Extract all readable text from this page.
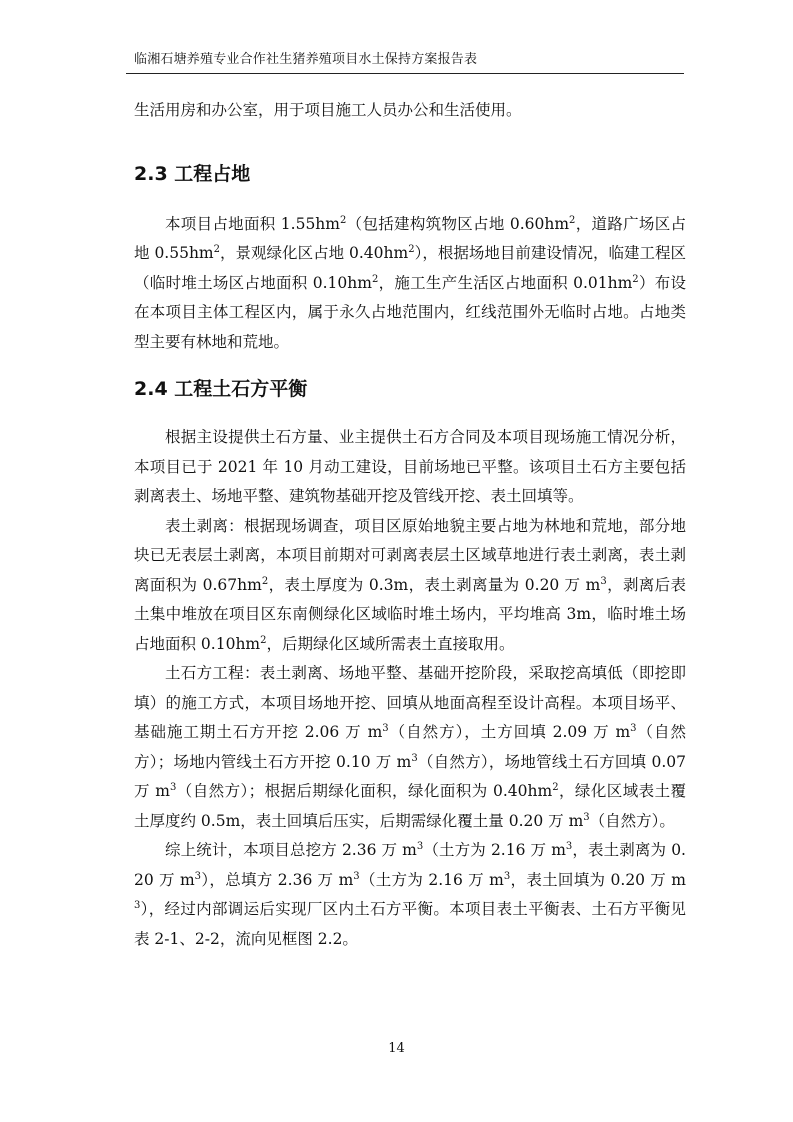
临湘石塘养殖专业合作社生猪养殖项目水土保持方案报告表

生活用房和办公室，用于项目施工人员办公和生活使用。

2.3 工程占地

本项目占地面积 $1.55hm^2$（包括建构筑物区占地 $0.60hm^2$，道路广场区占地 $0.55hm^2$，景观绿化区占地 $0.40hm^2$），根据场地目前建设情况，临建工程区（临时堆土场区占地面积 $0.10hm^2$，施工生产生活区占地面积 $0.01hm^2$）布设在本项目主体工程区内，属于永久占地范围内，红线范围外无临时占地。占地类型主要有林地和荒地。

2.4 工程土石方平衡

根据主设提供土石方量、业主提供土石方合同及本项目现场施工情况分析，本项目已于 2021 年 10 月动工建设，目前场地已平整。该项目土石方主要包括剥离表土、场地平整、建筑物基础开挖及管线开挖、表土回填等。

表土剥离：根据现场调查，项目区原始地貌主要占地为林地和荒地，部分地块已无表层土剥离，本项目前期对可剥离表层土区域草地进行表土剥离，表土剥离面积为 $0.67hm^2$，表土厚度为 0.3m，表土剥离量为 0.20 万 $m^3$，剥离后表土集中堆放在项目区东南侧绿化区域临时堆土场内，平均堆高 3m，临时堆土场占地面积 $0.10hm^2$，后期绿化区域所需表土直接取用。

土石方工程：表土剥离、场地平整、基础开挖阶段，采取挖高填低（即挖即填）的施工方式，本项目场地开挖、回填从地面高程至设计高程。本项目场平、基础施工期土石方开挖 2.06 万 $m^3$（自然方），土方回填 2.09 万 $m^3$（自然方）；场地内管线土石方开挖 0.10 万 $m^3$（自然方），场地管线土石方回填 0.07 万 $m^3$（自然方）；根据后期绿化面积，绿化面积为 $0.40hm^2$，绿化区域表土覆土厚度约 0.5m，表土回填后压实，后期需绿化覆土量 0.20 万 $m^3$（自然方）。

综上统计，本项目总挖方 2.36 万 $m^3$（土方为 2.16 万 $m^3$，表土剥离为 0.20 万 $m^3$），总填方 2.36 万 $m^3$（土方为 2.16 万 $m^3$，表土回填为 0.20 万 $m^3$），经过内部调运后实现厂区内土石方平衡。本项目表土平衡表、土石方平衡见表 2-1、2-2，流向见框图 2.2。

14
